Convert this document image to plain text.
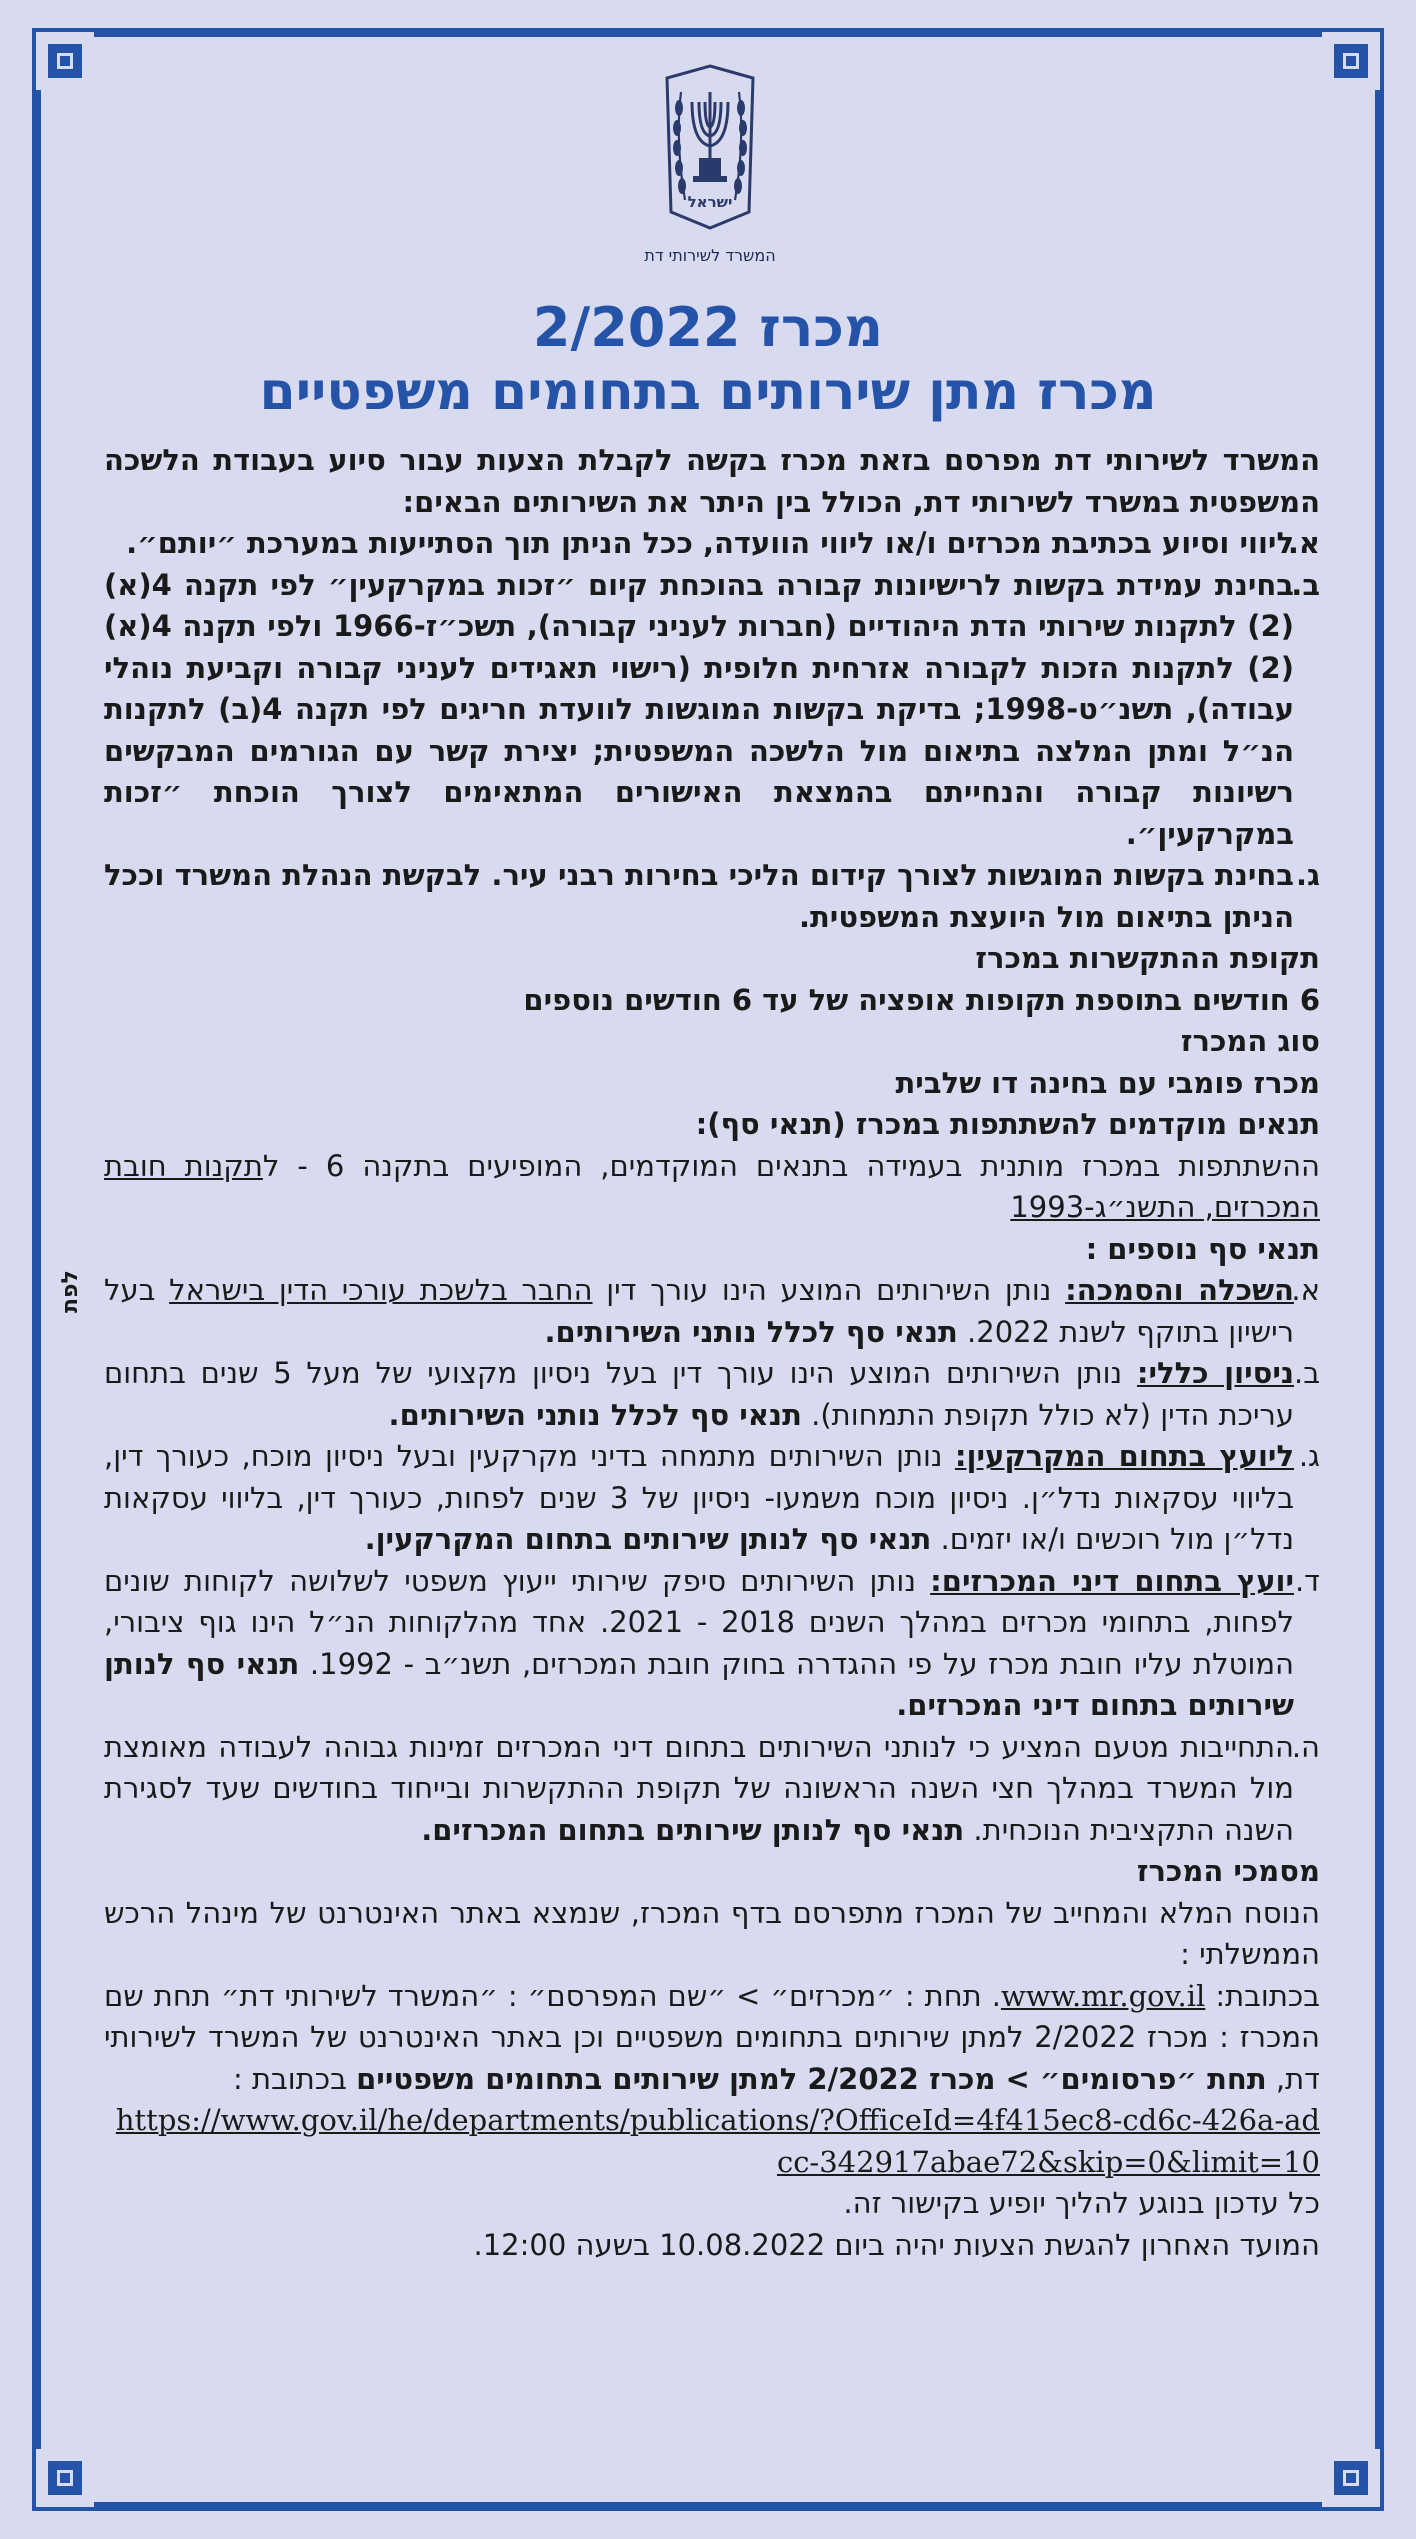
ישראל
המשרד לשירותי דת
מכרז 2/2022
מכרז מתן שירותים בתחומים משפטיים
לפת

המשרד לשירותי דת מפרסם בזאת מכרז בקשה לקבלת הצעות עבור סיוע בעבודת הלשכה המשפטית במשרד לשירותי דת, הכולל בין היתר את השירותים הבאים:

א.
ליווי וסיוע בכתיבת מכרזים ו/או ליווי הוועדה, ככל הניתן תוך הסתייעות במערכת ״יותם״.
ב.
בחינת עמידת בקשות לרישיונות קבורה בהוכחת קיום ״זכות במקרקעין״ לפי תקנה 4(א)(2) לתקנות שירותי הדת היהודיים (חברות לעניני קבורה), תשכ״ז-1966 ולפי תקנה 4(א)(2) לתקנות הזכות לקבורה אזרחית חלופית (רישוי תאגידים לעניני קבורה וקביעת נוהלי עבודה), תשנ״ט-1998; בדיקת בקשות המוגשות לוועדת חריגים לפי תקנה 4(ב) לתקנות הנ״ל ומתן המלצה בתיאום מול הלשכה המשפטית; יצירת קשר עם הגורמים המבקשים רשיונות קבורה והנחייתם בהמצאת האישורים המתאימים לצורך הוכחת ״זכות במקרקעין״.
ג.
בחינת בקשות המוגשות לצורך קידום הליכי בחירות רבני עיר. לבקשת הנהלת המשרד וככל הניתן בתיאום מול היועצת המשפטית.

תקופת ההתקשרות במכרז

6 חודשים בתוספת תקופות אופציה של עד 6 חודשים נוספים

סוג המכרז

מכרז פומבי עם בחינה דו שלבית

תנאים מוקדמים להשתתפות במכרז (תנאי סף):

ההשתתפות במכרז מותנית בעמידה בתנאים המוקדמים, המופיעים בתקנה 6 - לתקנות חובת המכרזים, התשנ״ג-1993

תנאי סף נוספים :

א.
השכלה והסמכה: נותן השירותים המוצע הינו עורך דין החבר בלשכת עורכי הדין בישראל בעל רישיון בתוקף לשנת 2022. תנאי סף לכלל נותני השירותים.
ב.
ניסיון כללי: נותן השירותים המוצע הינו עורך דין בעל ניסיון מקצועי של מעל 5 שנים בתחום עריכת הדין (לא כולל תקופת התמחות). תנאי סף לכלל נותני השירותים.
ג.
ליועץ בתחום המקרקעין: נותן השירותים מתמחה בדיני מקרקעין ובעל ניסיון מוכח, כעורך דין, בליווי עסקאות נדל״ן. ניסיון מוכח משמעו- ניסיון של 3 שנים לפחות, כעורך דין, בליווי עסקאות נדל״ן מול רוכשים ו/או יזמים. תנאי סף לנותן שירותים בתחום המקרקעין.
ד.
יועץ בתחום דיני המכרזים: נותן השירותים סיפק שירותי ייעוץ משפטי לשלושה לקוחות שונים לפחות, בתחומי מכרזים במהלך השנים 2018 - 2021. אחד מהלקוחות הנ״ל הינו גוף ציבורי, המוטלת עליו חובת מכרז על פי ההגדרה בחוק חובת המכרזים, תשנ״ב - 1992. תנאי סף לנותן שירותים בתחום דיני המכרזים.
ה.
התחייבות מטעם המציע כי לנותני השירותים בתחום דיני המכרזים זמינות גבוהה לעבודה מאומצת מול המשרד במהלך חצי השנה הראשונה של תקופת ההתקשרות ובייחוד בחודשים שעד לסגירת השנה התקציבית הנוכחית. תנאי סף לנותן שירותים בתחום המכרזים.

מסמכי המכרז

הנוסח המלא והמחייב של המכרז מתפרסם בדף המכרז, שנמצא באתר האינטרנט של מינהל הרכש הממשלתי :

בכתובת: www.mr.gov.il. תחת : ״מכרזים״ > ״שם המפרסם״ : ״המשרד לשירותי דת״ תחת שם המכרז : מכרז 2/2022 למתן שירותים בתחומים משפטיים וכן באתר האינטרנט של המשרד לשירותי דת, תחת ״פרסומים״ > מכרז 2/2022 למתן שירותים בתחומים משפטיים בכתובת :

https://www.gov.il/he/departments/publications/?OfficeId=4f415ec8-cd6c-426a-adcc-342917abae72&skip=0&limit=10

כל עדכון בנוגע להליך יופיע בקישור זה.

המועד האחרון להגשת הצעות יהיה ביום 10.08.2022 בשעה 12:00.
